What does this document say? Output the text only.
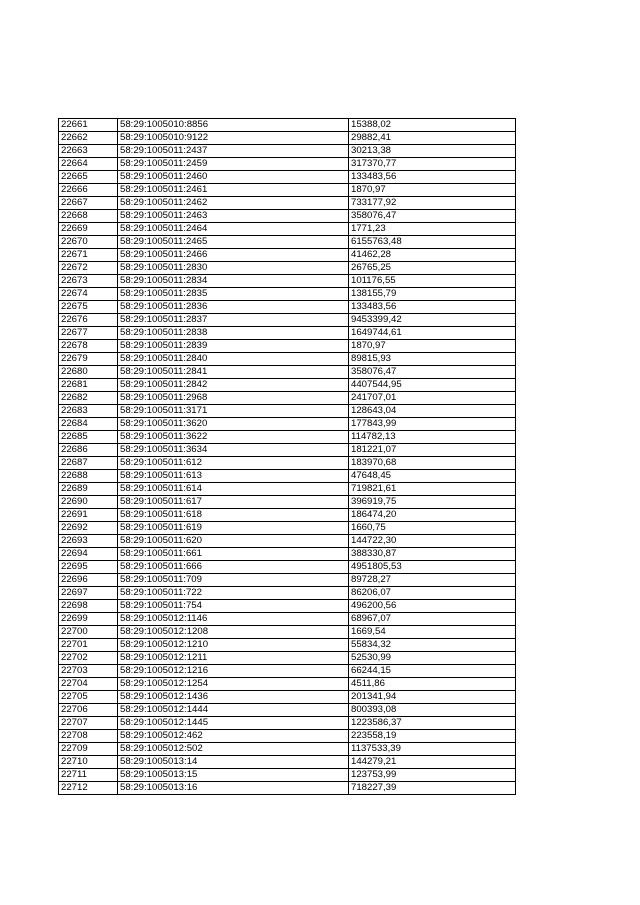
22661	58:29:1005010:8856	15388,02
22662	58:29:1005010:9122	29882,41
22663	58:29:1005011:2437	30213,38
22664	58:29:1005011:2459	317370,77
22665	58:29:1005011:2460	133483,56
22666	58:29:1005011:2461	1870,97
22667	58:29:1005011:2462	733177,92
22668	58:29:1005011:2463	358076,47
22669	58:29:1005011:2464	1771,23
22670	58:29:1005011:2465	6155763,48
22671	58:29:1005011:2466	41462,28
22672	58:29:1005011:2830	26765,25
22673	58:29:1005011:2834	101176,55
22674	58:29:1005011:2835	138155,79
22675	58:29:1005011:2836	133483,56
22676	58:29:1005011:2837	9453399,42
22677	58:29:1005011:2838	1649744,61
22678	58:29:1005011:2839	1870,97
22679	58:29:1005011:2840	89815,93
22680	58:29:1005011:2841	358076,47
22681	58:29:1005011:2842	4407544,95
22682	58:29:1005011:2968	241707,01
22683	58:29:1005011:3171	128643,04
22684	58:29:1005011:3620	177843,99
22685	58:29:1005011:3622	114782,13
22686	58:29:1005011:3634	181221,07
22687	58:29:1005011:612	183970,68
22688	58:29:1005011:613	47648,45
22689	58:29:1005011:614	719821,61
22690	58:29:1005011:617	396919,75
22691	58:29:1005011:618	186474,20
22692	58:29:1005011:619	1660,75
22693	58:29:1005011:620	144722,30
22694	58:29:1005011:661	388330,87
22695	58:29:1005011:666	4951805,53
22696	58:29:1005011:709	89728,27
22697	58:29:1005011:722	86206,07
22698	58:29:1005011:754	496200,56
22699	58:29:1005012:1146	68967,07
22700	58:29:1005012:1208	1669,54
22701	58:29:1005012:1210	55834,32
22702	58:29:1005012:1211	52530,99
22703	58:29:1005012:1216	66244,15
22704	58:29:1005012:1254	4511,86
22705	58:29:1005012:1436	201341,94
22706	58:29:1005012:1444	800393,08
22707	58:29:1005012:1445	1223586,37
22708	58:29:1005012:462	223558,19
22709	58:29:1005012:502	1137533,39
22710	58:29:1005013:14	144279,21
22711	58:29:1005013:15	123753,99
22712	58:29:1005013:16	718227,39
